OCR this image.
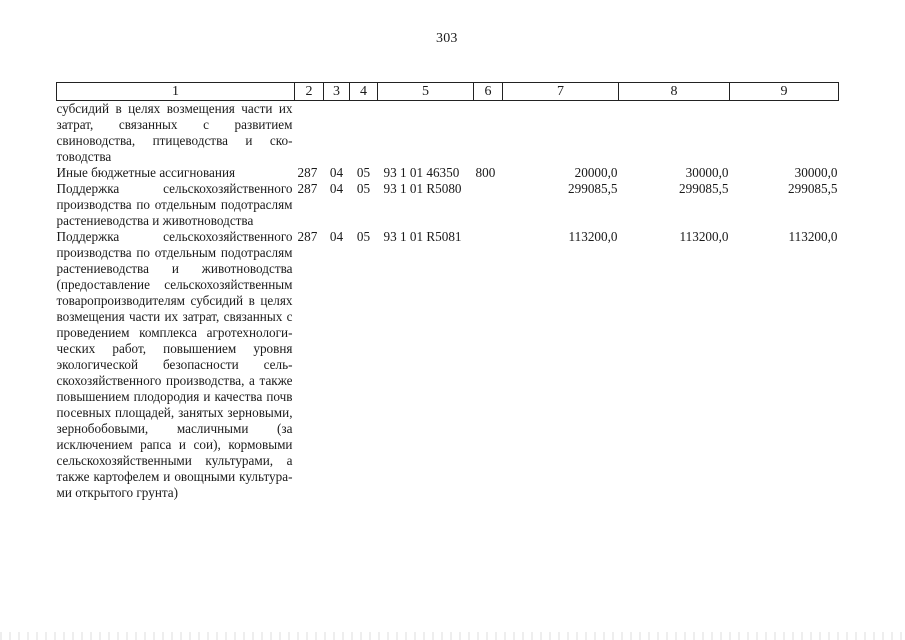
303
1	2	3	4	5	6	7	8	9
субсидий в целях возмещения части их затрат, связанных с развитием свиноводства, птицеводства и скотоводства								
Иные бюджетные ассигнования	287	04	05	93 1 01 46350	800	20000,0	30000,0	30000,0
Поддержка сельскохозяйственного производства по отдельным подотраслям растениеводства и животноводства	287	04	05	93 1 01 R5080		299085,5	299085,5	299085,5
Поддержка сельскохозяйственного производства по отдельным подотраслям растениеводства и животноводства (предоставление сельскохозяйственным товаропроизводителям субсидий в целях возмещения части их затрат, связанных с проведением комплекса агротехнологических работ, повышением уровня экологической безопасности сельскохозяйственного производства, а также повышением плодородия и качества почв посевных площадей, занятых зерновыми, зернобобовыми, масличными (за исключением рапса и сои), кормовыми сельскохозяйственными культурами, а также картофелем и овощными культурами открытого грунта)	287	04	05	93 1 01 R5081		113200,0	113200,0	113200,0
